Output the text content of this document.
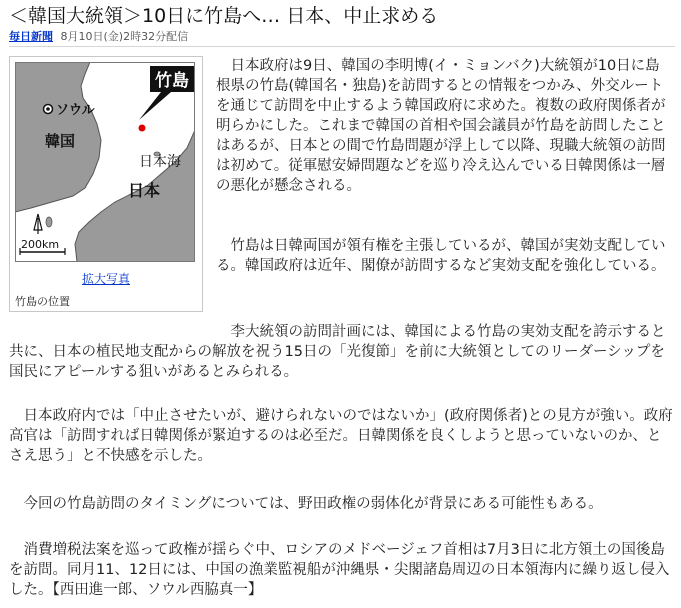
＜韓国大統領＞10日に竹島へ… 日本、中止求める
毎日新聞 8月10日(金)2時32分配信
竹島
ソウル
韓国
日本海
日本
200km
拡大写真
竹島の位置

　日本政府は9日、韓国の李明博(イ・ミョンバク)大統領が10日に島根県の竹島(韓国名・独島)を訪問するとの情報をつかみ、外交ルートを通じて訪問を中止するよう韓国政府に求めた。複数の政府関係者が明らかにした。これまで韓国の首相や国会議員が竹島を訪問したことはあるが、日本との間で竹島問題が浮上して以降、現職大統領の訪問は初めて。従軍慰安婦問題などを巡り冷え込んでいる日韓関係は一層の悪化が懸念される。

　竹島は日韓両国が領有権を主張しているが、韓国が実効支配している。韓国政府は近年、閣僚が訪問するなど実効支配を強化している。

　李大統領の訪問計画には、韓国による竹島の実効支配を誇示すると共に、日本の植民地支配からの解放を祝う15日の「光復節」を前に大統領としてのリーダーシップを国民にアピールする狙いがあるとみられる。

　日本政府内では「中止させたいが、避けられないのではないか」(政府関係者)との見方が強い。政府高官は「訪問すれば日韓関係が緊迫するのは必至だ。日韓関係を良くしようと思っていないのか、とさえ思う」と不快感を示した。

　今回の竹島訪問のタイミングについては、野田政権の弱体化が背景にある可能性もある。

　消費増税法案を巡って政権が揺らぐ中、ロシアのメドベージェフ首相は7月3日に北方領土の国後島を訪問。同月11、12日には、中国の漁業監視船が沖縄県・尖閣諸島周辺の日本領海内に繰り返し侵入した。【西田進一郎、ソウル西脇真一】
